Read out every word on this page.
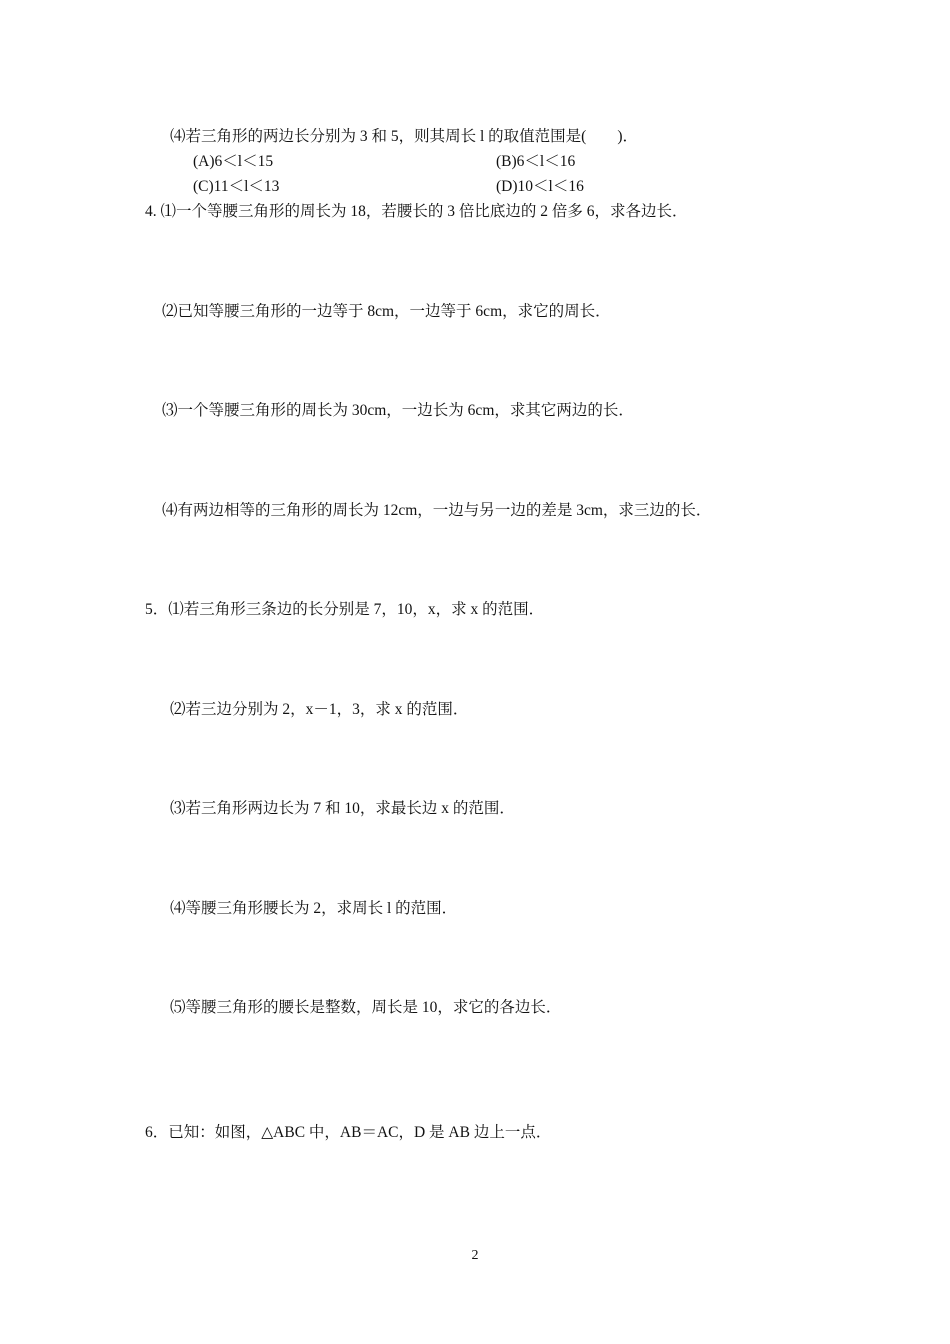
⑷若三角形的两边长分别为 3 和 5，则其周长 l 的取值范围是(　　)．
(A)6＜l＜15	(B)6＜l＜16
(C)11＜l＜13	(D)10＜l＜16
4. ⑴一个等腰三角形的周长为 18，若腰长的 3 倍比底边的 2 倍多 6，求各边长．
⑵已知等腰三角形的一边等于 8cm，一边等于 6cm，求它的周长．
⑶一个等腰三角形的周长为 30cm，一边长为 6cm，求其它两边的长．
⑷有两边相等的三角形的周长为 12cm，一边与另一边的差是 3cm，求三边的长．
5．⑴若三角形三条边的长分别是 7，10，x，求 x 的范围．
⑵若三边分别为 2，x－1，3，求 x 的范围．
⑶若三角形两边长为 7 和 10，求最长边 x 的范围．
⑷等腰三角形腰长为 2，求周长 l 的范围．
⑸等腰三角形的腰长是整数，周长是 10，求它的各边长．
6．已知：如图，△ABC 中，AB＝AC，D 是 AB 边上一点．
2
